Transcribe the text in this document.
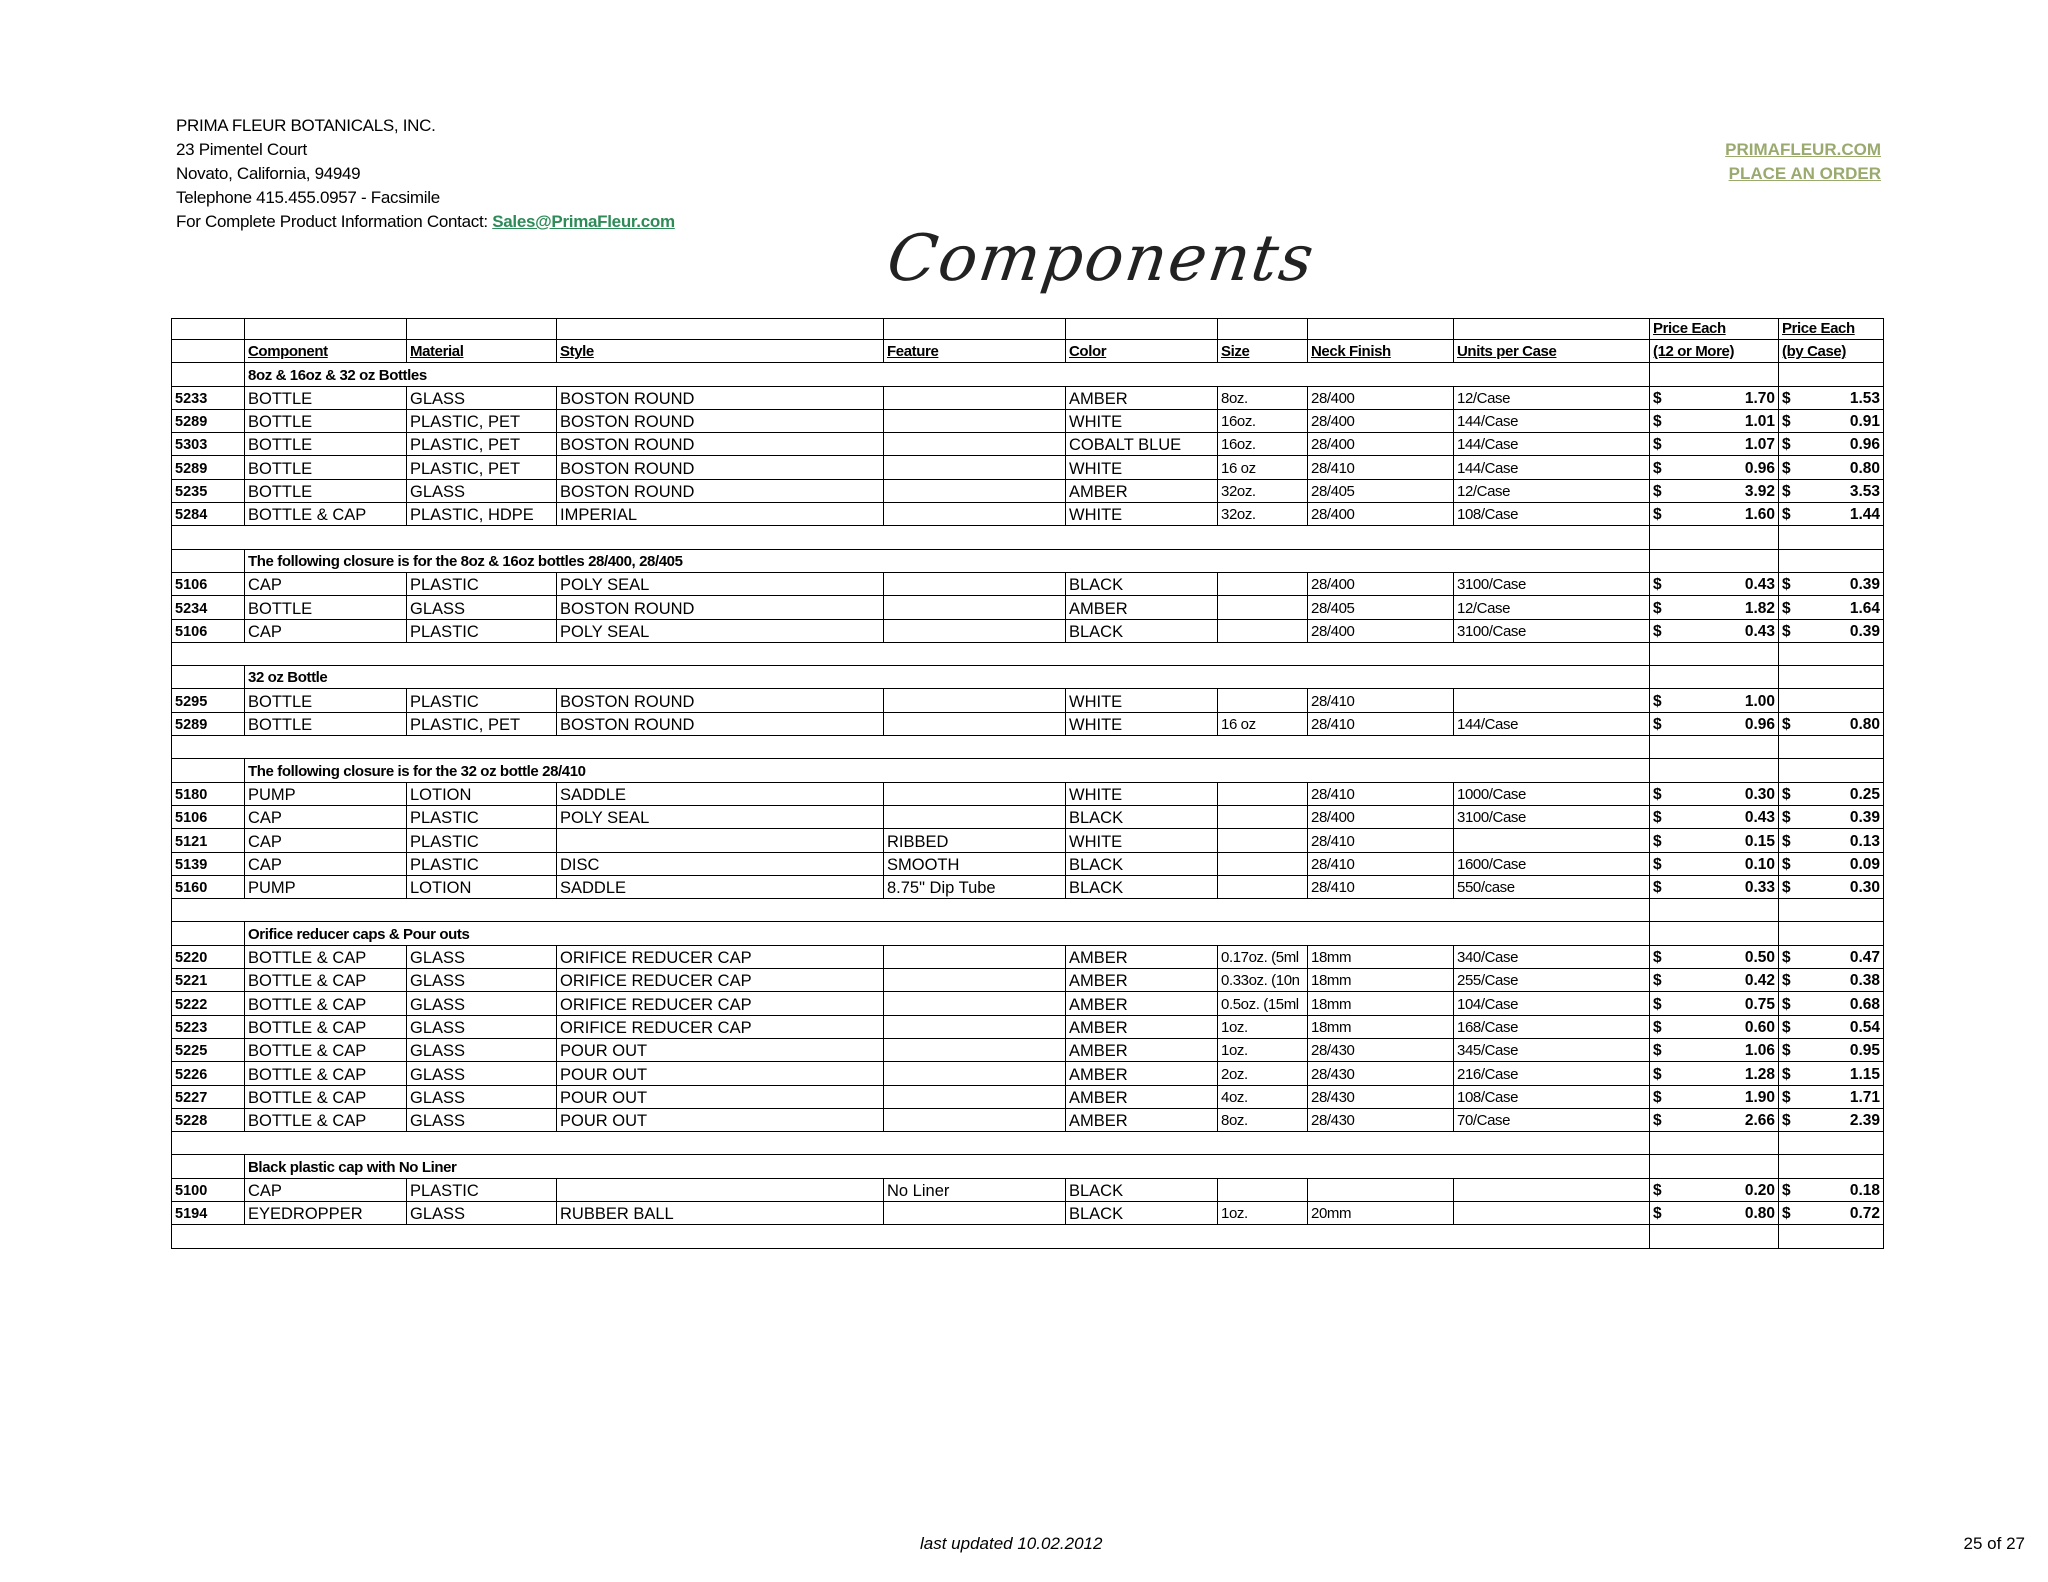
PRIMA FLEUR BOTANICALS, INC.
23 Pimentel Court
Novato, California, 94949
Telephone 415.455.0957 - Facsimile
For Complete Product Information Contact: Sales@PrimaFleur.com
PRIMAFLEUR.COM
PLACE AN ORDER
Components
									Price Each	Price Each
	Component	Material	Style	Feature	Color	Size	Neck Finish	Units per Case	(12 or More)	(by Case)
	8oz & 16oz & 32 oz Bottles									
5233	BOTTLE	GLASS	BOSTON ROUND		AMBER	8oz.	28/400	12/Case	$ 1.70	$ 1.53

5289	BOTTLE	PLASTIC, PET	BOSTON ROUND		WHITE	16oz.	28/400	144/Case	$ 1.01	$ 0.91

5303	BOTTLE	PLASTIC, PET	BOSTON ROUND		COBALT BLUE	16oz.	28/400	144/Case	$ 1.07	$ 0.96

5289	BOTTLE	PLASTIC, PET	BOSTON ROUND		WHITE	16 oz	28/410	144/Case	$ 0.96	$ 0.80

5235	BOTTLE	GLASS	BOSTON ROUND		AMBER	32oz.	28/405	12/Case	$ 3.92	$ 3.53

5284	BOTTLE & CAP	PLASTIC, HDPE	IMPERIAL		WHITE	32oz.	28/400	108/Case	$ 1.60	$ 1.44

	The following closure is for the 8oz & 16oz bottles 28/400, 28/405									
5106	CAP	PLASTIC	POLY SEAL		BLACK		28/400	3100/Case	$ 0.43	$ 0.39

5234	BOTTLE	GLASS	BOSTON ROUND		AMBER		28/405	12/Case	$ 1.82	$ 1.64

5106	CAP	PLASTIC	POLY SEAL		BLACK		28/400	3100/Case	$ 0.43	$ 0.39

	32 oz Bottle									
5295	BOTTLE	PLASTIC	BOSTON ROUND		WHITE		28/410		$ 1.00	

5289	BOTTLE	PLASTIC, PET	BOSTON ROUND		WHITE	16 oz	28/410	144/Case	$ 0.96	$ 0.80

	The following closure is for the 32 oz bottle 28/410									
5180	PUMP	LOTION	SADDLE		WHITE		28/410	1000/Case	$ 0.30	$ 0.25

5106	CAP	PLASTIC	POLY SEAL		BLACK		28/400	3100/Case	$ 0.43	$ 0.39

5121	CAP	PLASTIC		RIBBED	WHITE		28/410		$ 0.15	$ 0.13

5139	CAP	PLASTIC	DISC	SMOOTH	BLACK		28/410	1600/Case	$ 0.10	$ 0.09

5160	PUMP	LOTION	SADDLE	8.75" Dip Tube	BLACK		28/410	550/case	$ 0.33	$ 0.30

	Orifice reducer caps & Pour outs									
5220	BOTTLE & CAP	GLASS	ORIFICE REDUCER CAP		AMBER	0.17oz. (5ml	18mm	340/Case	$ 0.50	$ 0.47

5221	BOTTLE & CAP	GLASS	ORIFICE REDUCER CAP		AMBER	0.33oz. (10n	18mm	255/Case	$ 0.42	$ 0.38

5222	BOTTLE & CAP	GLASS	ORIFICE REDUCER CAP		AMBER	0.5oz. (15ml	18mm	104/Case	$ 0.75	$ 0.68

5223	BOTTLE & CAP	GLASS	ORIFICE REDUCER CAP		AMBER	1oz.	18mm	168/Case	$ 0.60	$ 0.54

5225	BOTTLE & CAP	GLASS	POUR OUT		AMBER	1oz.	28/430	345/Case	$ 1.06	$ 0.95

5226	BOTTLE & CAP	GLASS	POUR OUT		AMBER	2oz.	28/430	216/Case	$ 1.28	$ 1.15

5227	BOTTLE & CAP	GLASS	POUR OUT		AMBER	4oz.	28/430	108/Case	$ 1.90	$ 1.71

5228	BOTTLE & CAP	GLASS	POUR OUT		AMBER	8oz.	28/430	70/Case	$ 2.66	$ 2.39

	Black plastic cap with No Liner									
5100	CAP	PLASTIC		No Liner	BLACK				$ 0.20	$ 0.18

5194	EYEDROPPER	GLASS	RUBBER BALL		BLACK	1oz.	20mm		$ 0.80	$ 0.72

last updated 10.02.2012	25 of 27
